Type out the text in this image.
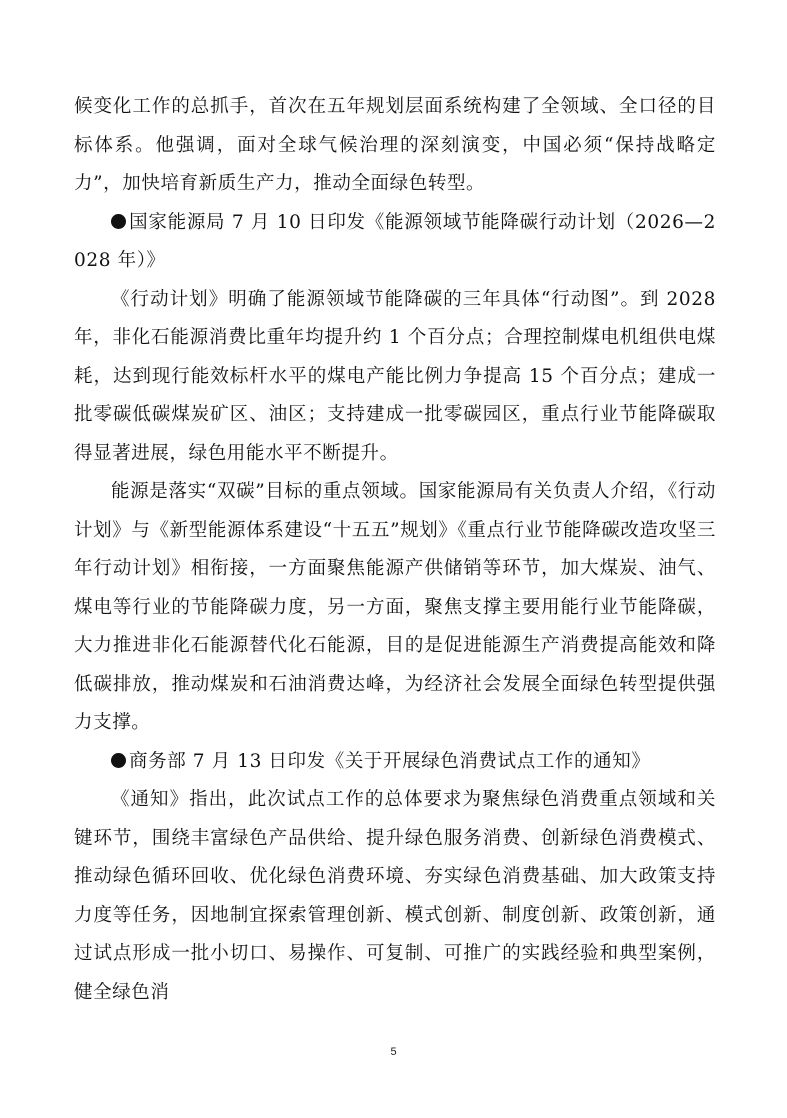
候变化工作的总抓手，首次在五年规划层面系统构建了全领域、全口径的目标体系。他强调，面对全球气候治理的深刻演变，中国必须“保持战略定力”，加快培育新质生产力，推动全面绿色转型。

国家能源局 7 月 10 日印发《能源领域节能降碳行动计划（2026—2028 年）》

《行动计划》明确了能源领域节能降碳的三年具体“行动图”。到 2028 年，非化石能源消费比重年均提升约 1 个百分点；合理控制煤电机组供电煤耗，达到现行能效标杆水平的煤电产能比例力争提高 15 个百分点；建成一批零碳低碳煤炭矿区、油区；支持建成一批零碳园区，重点行业节能降碳取得显著进展，绿色用能水平不断提升。

能源是落实“双碳”目标的重点领域。国家能源局有关负责人介绍，《行动计划》与《新型能源体系建设“十五五”规划》《重点行业节能降碳改造攻坚三年行动计划》相衔接，一方面聚焦能源产供储销等环节，加大煤炭、油气、煤电等行业的节能降碳力度，另一方面，聚焦支撑主要用能行业节能降碳，大力推进非化石能源替代化石能源，目的是促进能源生产消费提高能效和降低碳排放，推动煤炭和石油消费达峰，为经济社会发展全面绿色转型提供强力支撑。

商务部 7 月 13 日印发《关于开展绿色消费试点工作的通知》

《通知》指出，此次试点工作的总体要求为聚焦绿色消费重点领域和关键环节，围绕丰富绿色产品供给、提升绿色服务消费、创新绿色消费模式、推动绿色循环回收、优化绿色消费环境、夯实绿色消费基础、加大政策支持力度等任务，因地制宜探索管理创新、模式创新、制度创新、政策创新，通过试点形成一批小切口、易操作、可复制、可推广的实践经验和典型案例，健全绿色消

5
